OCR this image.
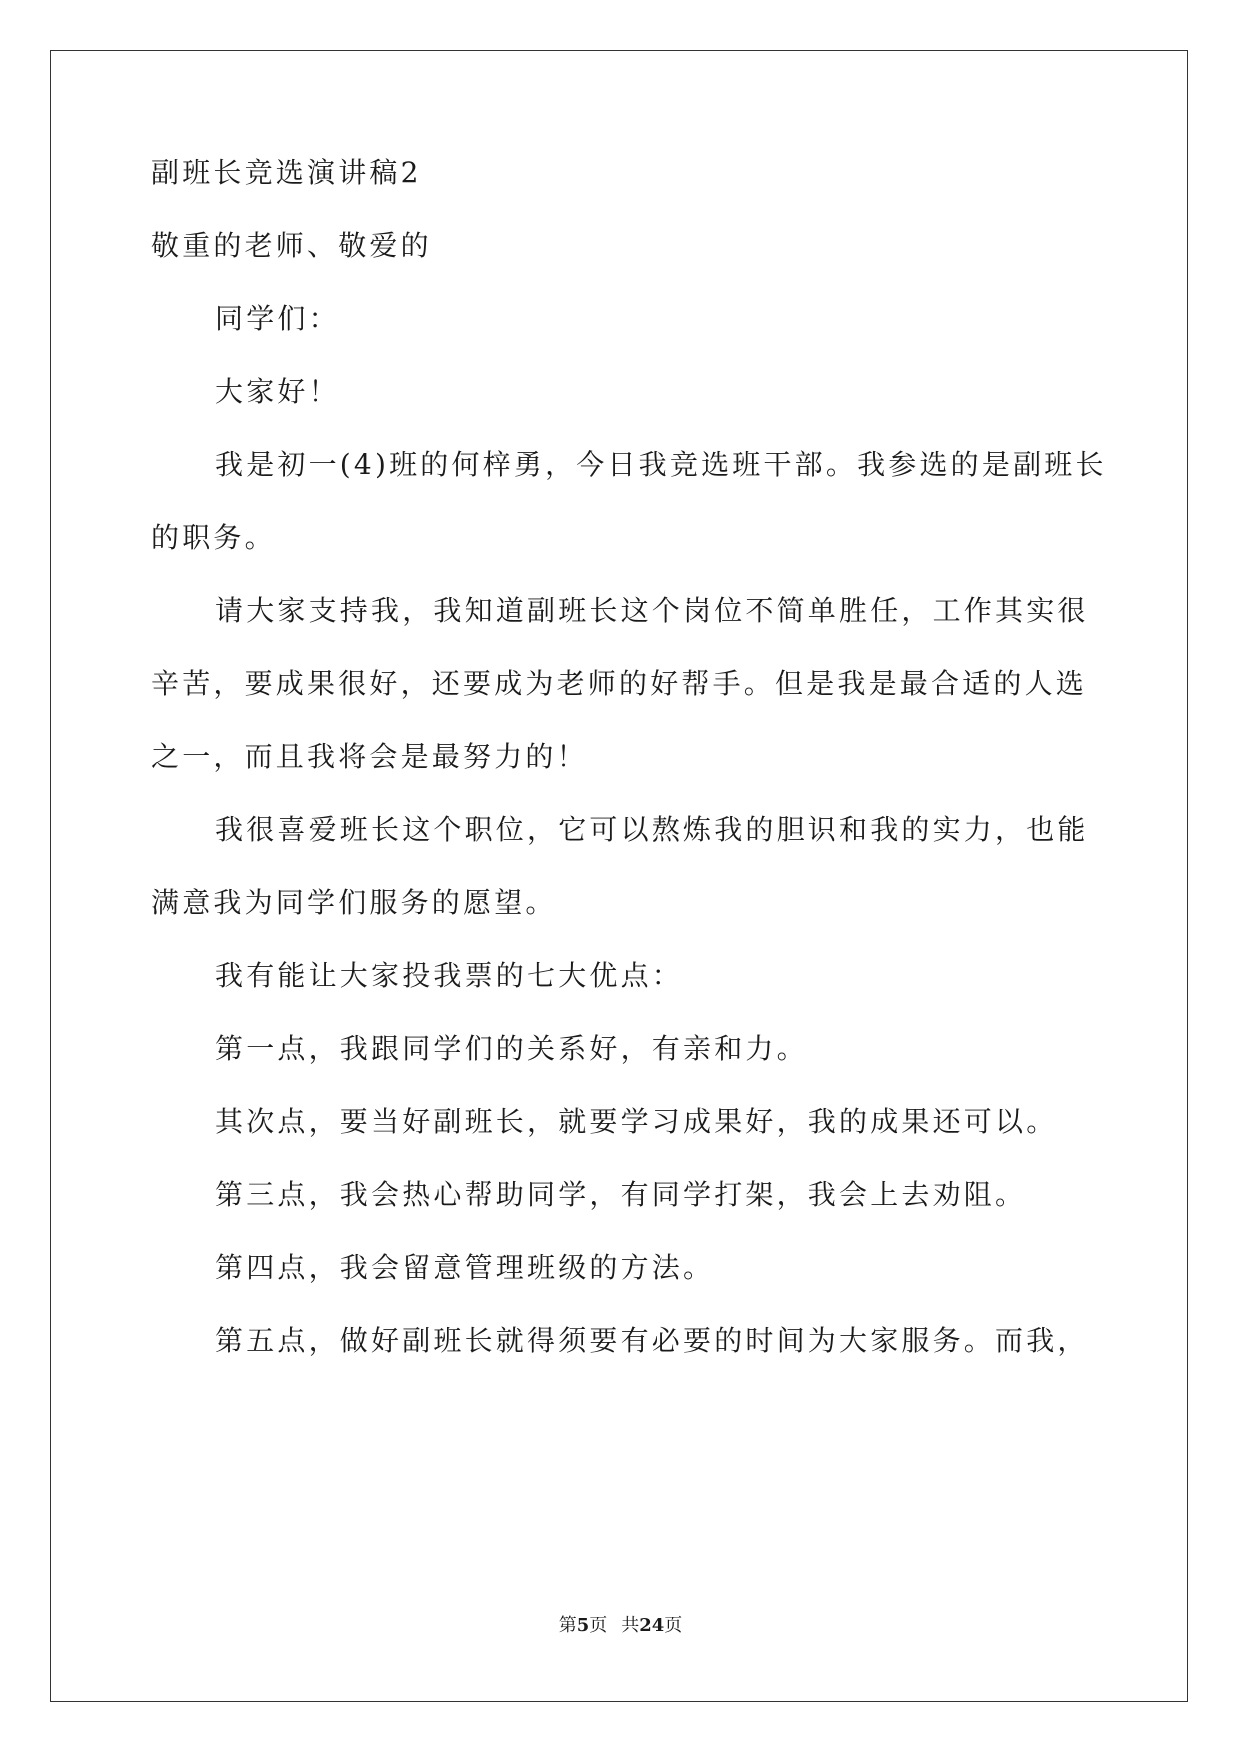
副班长竞选演讲稿2

敬重的老师、敬爱的

同学们：

大家好！

我是初一(4)班的何梓勇，今日我竞选班干部。我参选的是副班长

的职务。

请大家支持我，我知道副班长这个岗位不简单胜任，工作其实很

辛苦，要成果很好，还要成为老师的好帮手。但是我是最合适的人选

之一，而且我将会是最努力的！

我很喜爱班长这个职位，它可以熬炼我的胆识和我的实力，也能

满意我为同学们服务的愿望。

我有能让大家投我票的七大优点：

第一点，我跟同学们的关系好，有亲和力。

其次点，要当好副班长，就要学习成果好，我的成果还可以。

第三点，我会热心帮助同学，有同学打架，我会上去劝阻。

第四点，我会留意管理班级的方法。

第五点，做好副班长就得须要有必要的时间为大家服务。而我，

第5页 共24页
